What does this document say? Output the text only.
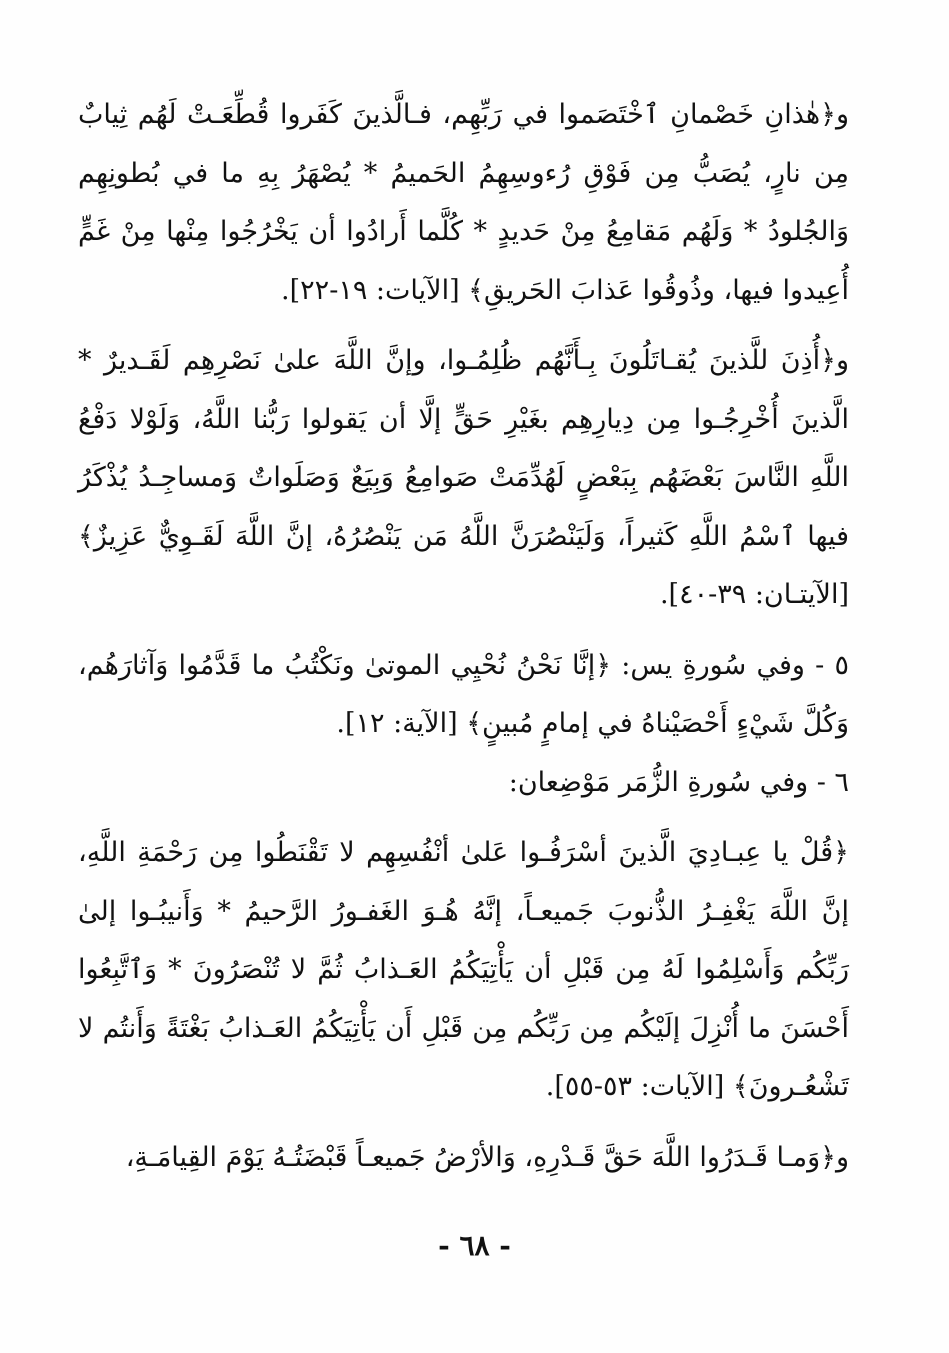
و﴿هٰذانِ خَصْمانِ ٱخْتَصَموا في رَبِّهِم، فـالَّذينَ كَفَروا قُطِّعَـتْ لَهُم ثِيابٌ مِن نارٍ، يُصَبُّ مِن فَوْقِ رُءوسِهِمُ الحَميمُ * يُصْهَرُ بِهِ ما في بُطونِهِم وَالجُلودُ * وَلَهُم مَقامِعُ مِنْ حَديدٍ * كُلَّما أَرادُوا أن يَخْرُجُوا مِنْها مِنْ غَمٍّ أُعِيدوا فيها، وذُوقُوا عَذابَ الحَريقِ﴾ [الآيات: ١٩-٢٢].

و﴿أُذِنَ للَّذينَ يُقـاتَلُونَ بِـأَنَّهُم ظُلِمُـوا، وإنَّ اللَّهَ علىٰ نَصْرِهِم لَقَـديرٌ * الَّذينَ أُخْرِجُـوا مِن دِيارِهِم بغَيْرِ حَقٍّ إلَّا أن يَقولوا رَبُّنا اللَّهُ، وَلَوْلا دَفْعُ اللَّهِ النَّاسَ بَعْضَهُم بِبَعْضٍ لَهُدِّمَتْ صَوامِعُ وَبِيَعٌ وَصَلَواتٌ وَمساجِـدُ يُذْكَرُ فيها ٱسْمُ اللَّهِ كَثيراً، وَلَيَنْصُرَنَّ اللَّهُ مَن يَنْصُرُهُ، إنَّ اللَّهَ لَقَـوِيٌّ عَزِيزٌ﴾ [الآيتـان: ٣٩-٤٠].

٥ - وفي سُورةِ يس: ﴿إنَّا نَحْنُ نُحْيِي الموتىٰ ونَكْتُبُ ما قَدَّمُوا وَآثارَهُم، وَكُلَّ شَيْءٍ أَحْصَيْناهُ في إمامٍ مُبينٍ﴾ [الآية: ١٢].

٦ - وفي سُورةِ الزُّمَر مَوْضِعان:

﴿قُلْ يا عِبـادِيَ الَّذينَ أسْرَفُـوا عَلىٰ أنْفُسِهِم لا تَقْنَطُوا مِن رَحْمَةِ اللَّهِ، إنَّ اللَّهَ يَغْفِـرُ الذُّنوبَ جَميعـاً، إنَّهُ هُـوَ الغَفـورُ الرَّحيمُ * وَأَنيبُـوا إلىٰ رَبِّكُم وَأَسْلِمُوا لَهُ مِن قَبْلِ أن يَأْتِيَكُمُ العَـذابُ ثُمَّ لا تُنْصَرُونَ * وَٱتَّبِعُوا أَحْسَنَ ما أُنْزِلَ إلَيْكُم مِن رَبِّكُم مِن قَبْلِ أَن يَأْتِيَكُمُ العَـذابُ بَغْتَةً وَأَنتُم لا تَشْعُـرونَ﴾ [الآيات: ٥٣-٥٥].

و﴿وَمـا قَـدَرُوا اللَّهَ حَقَّ قَـدْرِهِ، وَالأرْضُ جَميعـاً قَبْضَتُـهُ يَوْمَ القِيامَـةِ،

- ٦٨ -
